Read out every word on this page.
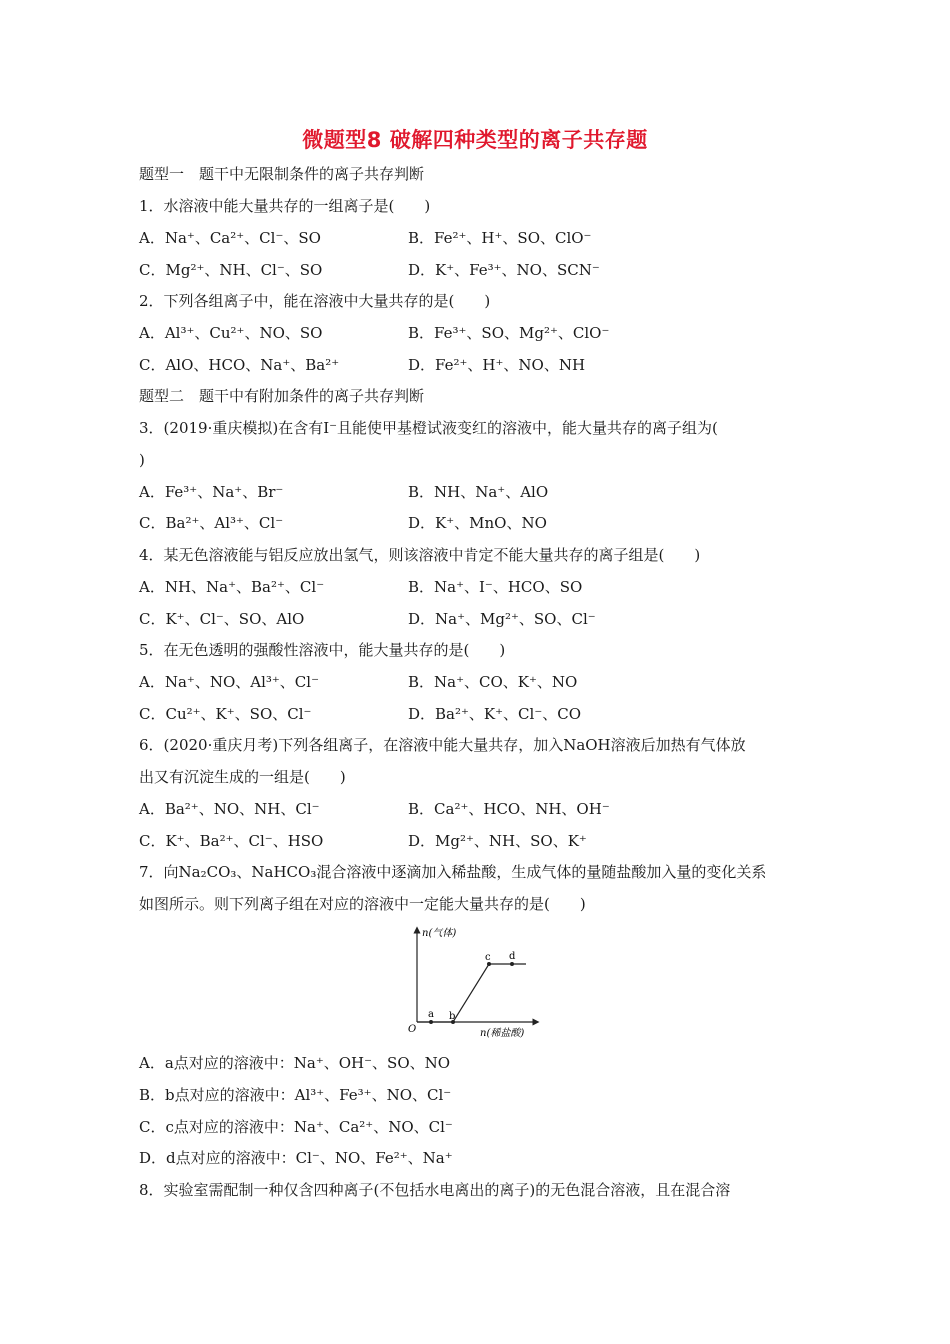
微题型8 破解四种类型的离子共存题
题型一　题干中无限制条件的离子共存判断
1．水溶液中能大量共存的一组离子是(　　)
A．Na⁺、Ca²⁺、Cl⁻、SO	B．Fe²⁺、H⁺、SO、ClO⁻
C．Mg²⁺、NH、Cl⁻、SO	D．K⁺、Fe³⁺、NO、SCN⁻
2．下列各组离子中，能在溶液中大量共存的是(　　)
A．Al³⁺、Cu²⁺、NO、SO	B．Fe³⁺、SO、Mg²⁺、ClO⁻
C．AlO、HCO、Na⁺、Ba²⁺	D．Fe²⁺、H⁺、NO、NH
题型二　题干中有附加条件的离子共存判断
3．(2019·重庆模拟)在含有I⁻且能使甲基橙试液变红的溶液中，能大量共存的离子组为(
)
A．Fe³⁺、Na⁺、Br⁻	B．NH、Na⁺、AlO
C．Ba²⁺、Al³⁺、Cl⁻	D．K⁺、MnO、NO
4．某无色溶液能与铝反应放出氢气，则该溶液中肯定不能大量共存的离子组是(　　)
A．NH、Na⁺、Ba²⁺、Cl⁻	B．Na⁺、I⁻、HCO、SO
C．K⁺、Cl⁻、SO、AlO	D．Na⁺、Mg²⁺、SO、Cl⁻
5．在无色透明的强酸性溶液中，能大量共存的是(　　)
A．Na⁺、NO、Al³⁺、Cl⁻	B．Na⁺、CO、K⁺、NO
C．Cu²⁺、K⁺、SO、Cl⁻	D．Ba²⁺、K⁺、Cl⁻、CO
6．(2020·重庆月考)下列各组离子，在溶液中能大量共存，加入NaOH溶液后加热有气体放
出又有沉淀生成的一组是(　　)
A．Ba²⁺、NO、NH、Cl⁻	B．Ca²⁺、HCO、NH、OH⁻
C．K⁺、Ba²⁺、Cl⁻、HSO	D．Mg²⁺、NH、SO、K⁺
7．向Na₂CO₃、NaHCO₃混合溶液中逐滴加入稀盐酸，生成气体的量随盐酸加入量的变化关系
如图所示。则下列离子组在对应的溶液中一定能大量共存的是(　　)
n(气体)
n(稀盐酸)
O
a b
c d
A．a点对应的溶液中：Na⁺、OH⁻、SO、NO
B．b点对应的溶液中：Al³⁺、Fe³⁺、NO、Cl⁻
C．c点对应的溶液中：Na⁺、Ca²⁺、NO、Cl⁻
D．d点对应的溶液中：Cl⁻、NO、Fe²⁺、Na⁺
8．实验室需配制一种仅含四种离子(不包括水电离出的离子)的无色混合溶液，且在混合溶
